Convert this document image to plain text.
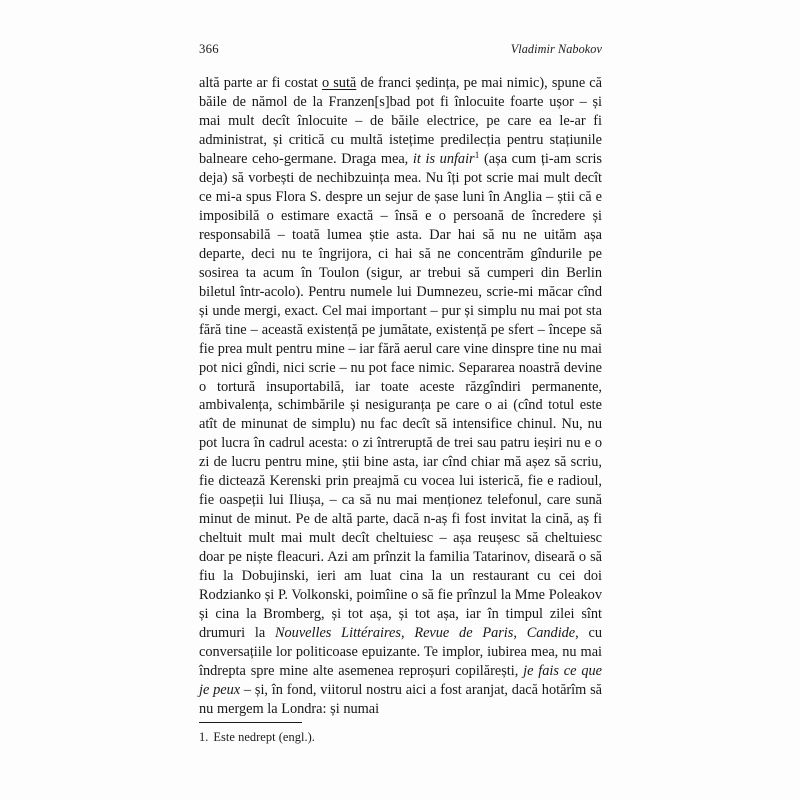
366	Vladimir Nabokov

altă parte ar fi costat o sută de franci ședința, pe mai nimic), spune că băile de nămol de la Franzen[s]bad pot fi înlocuite foarte ușor – și mai mult decît înlocuite – de băile electrice, pe care ea le-ar fi administrat, și critică cu multă istețime predilecția pentru stațiunile balneare ceho-germane. Draga mea, it is unfair$^1$ (așa cum ți-am scris deja) să vorbești de nechibzuința mea. Nu îți pot scrie mai mult decît ce mi-a spus Flora S. despre un sejur de șase luni în Anglia – știi că e imposibilă o estimare exactă – însă e o persoană de încredere și responsabilă – toată lumea știe asta. Dar hai să nu ne uităm așa departe, deci nu te îngrijora, ci hai să ne concentrăm gîndurile pe sosirea ta acum în Toulon (sigur, ar trebui să cumperi din Berlin biletul într-acolo). Pentru numele lui Dumnezeu, scrie-mi măcar cînd și unde mergi, exact. Cel mai important – pur și simplu nu mai pot sta fără tine – această existență pe jumătate, existență pe sfert – începe să fie prea mult pentru mine – iar fără aerul care vine dinspre tine nu mai pot nici gîndi, nici scrie – nu pot face nimic. Separarea noastră devine o tortură insuportabilă, iar toate aceste răzgîndiri permanente, ambivalența, schimbările și nesiguranța pe care o ai (cînd totul este atît de minunat de simplu) nu fac decît să intensifice chinul. Nu, nu pot lucra în cadrul acesta: o zi întreruptă de trei sau patru ieșiri nu e o zi de lucru pentru mine, știi bine asta, iar cînd chiar mă așez să scriu, fie dictează Kerenski prin preajmă cu vocea lui isterică, fie e radioul, fie oaspeții lui Iliușa, – ca să nu mai menționez telefonul, care sună minut de minut. Pe de altă parte, dacă n-aș fi fost invitat la cină, aș fi cheltuit mult mai mult decît cheltuiesc – așa reușesc să cheltuiesc doar pe niște fleacuri. Azi am prînzit la familia Tatarinov, diseară o să fiu la Dobujinski, ieri am luat cina la un restaurant cu cei doi Rodzianko și P. Volkonski, poimîine o să fie prînzul la Mme Poleakov și cina la Bromberg, și tot așa, și tot așa, iar în timpul zilei sînt drumuri la Nouvelles Littéraires, Revue de Paris, Candide, cu conversațiile lor politicoase epuizante. Te implor, iubirea mea, nu mai îndrepta spre mine alte asemenea reproșuri copilărești, je fais ce que je peux – și, în fond, viitorul nostru aici a fost aranjat, dacă hotărîm să nu mergem la Londra: și numai

1. Este nedrept (engl.).
